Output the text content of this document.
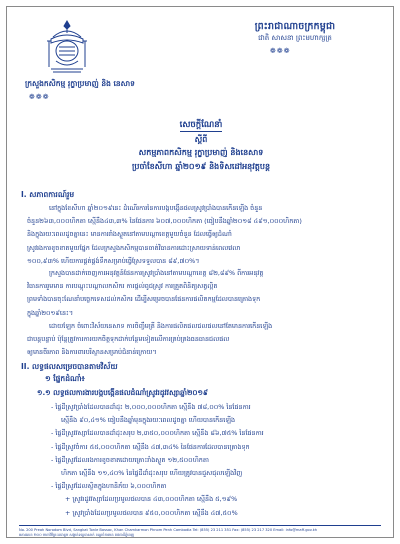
ព្រះរាជាណាចក្រកម្ពុជា
ជាតិ សាសនា ព្រះមហាក្សត្រ
❁❁❁
ក្រសួងកសិកម្ម រុក្ខាប្រមាញ់ និង នេសាទ
❁❁❁
សេចក្តីណែនាំ
ស្តីពី
សកម្មភាពកសិកម្ម រុក្ខាប្រមាញ់ និងនេសាទ
ប្រចាំខែសីហា ឆ្នាំ២០១៩ និងទិសដៅអនុវត្តបន្ត
I. សភាពការណ៍រួម

នៅក្នុងខែសីហា ឆ្នាំ២០១៩នេះ ដំណើរការនៃការបង្កបង្កើនផលស្រូវប្រាំងបានកើនឡើង ចំនួន

ចំនួន២៦៣,០០០ហិកតា ស្មើនឹង៤៣,៣% នៃផែនការ ៦០៧,០០០ហិកតា (ធៀបនឹងឆ្នាំ២០១៨ ៤៩១,០០០ហិកតា)

និងក្នុងរយៈពេលដូចគ្នានេះ មានការរាំងស្ងួតនៅតាមបណ្តាខេត្តមួយចំនួន ដែលធ្វើឲ្យដំណាំ

ស្រូវរងការខូចខាតមួយផ្នែក ដែលក្រសួងកសិកម្មបានចាត់វិធានការដោះស្រាយទាន់ពេលវេលា

១០០,៩៣% ហើយការផ្គត់ផ្គង់ទឹកសម្រាប់ធ្វើស្រែទទួលបាន ៨៩,៧០%។

ក្រសួងបានដាក់ចេញការអនុវត្តន៍ផែនការស្រូវប្រាំងនៅតាមបណ្តាខេត្ត ៨២,៨៩% ពីការអនុវត្ត

វិធានការរួមមាន ការបណ្តុះបណ្តាលកសិករ ការផ្តល់ពូជស្រូវ ការត្រួតពិនិត្យសត្វល្អិត

ព្រមទាំងបានចុះណែនាំបច្ចេកទេសដល់កសិករ ដើម្បីសម្រេចបានផែនការផលិតកម្មដែលបានគ្រោងទុក

ក្នុងឆ្នាំ២០១៩នេះ។

ដោយឡែក ចំពោះវិស័យនេសាទ ការចិញ្ចឹមត្រី និងការផលិតផលជលផលនៅតែមានការកើនឡើង

ជាបន្តបន្ទាប់ ប៉ុន្តែត្រូវការការយកចិត្តទុកដាក់បន្ថែមទៀតលើការគ្រប់គ្រងធនធានជលផល

ឲ្យមានចីរភាព និងការពារបរិស្ថានសម្រាប់ជំនាន់ក្រោយ។

II. លទ្ធផលសម្រេចបានតាមវិស័យ
១ ផ្នែកដំណាំ៖
១.១ លទ្ធផលការងារបង្កបង្កើនផលដំណាំស្រូវរដូវវស្សាឆ្នាំ២០១៩
- ផ្ទៃដីស្រូវប្រាំងដែលបានដាំដុះ ២,០០០,០០០ហិកតា ស្មើនឹង ៧៨,០០% នៃផែនការ
ស្មើនឹង ៩០,៤១% ធៀបនឹងឆ្នាំមុនក្នុងរយៈពេលដូចគ្នា ហើយបានកើនឡើង
- ផ្ទៃដីស្រូវវស្សាដែលបានដាំដុះសរុប ២,៣៥០,០០០ហិកតា ស្មើនឹង ៨៦,៧៥% នៃផែនការ
- ផ្ទៃដីស្រូវចំការ ៥៥,០០០ហិកតា ស្មើនឹង ៤៧,៣៤% នៃផែនការដែលបានគ្រោងទុក
- ផ្ទៃដីស្រូវដែលរងការខូចខាតដោយគ្រោះរាំងស្ងួត ១២,៥០០ហិកតា
ហិកតា ស្មើនឹង ១១,៤០% នៃផ្ទៃដីដាំដុះសរុប ហើយត្រូវបានជួសជុលឡើងវិញ
- ផ្ទៃដីស្រូវដែលស្ថិតក្នុងហានិភ័យ ៦,០០០ហិកតា
+ ស្រូវរដូវវស្សាដែលប្រមូលផលបាន ៤៣,០០០ហិកតា ស្មើនឹង ៥,១៩%
+ ស្រូវប្រាំងដែលប្រមូលផលបាន ៩៥០,០០០ហិកតា ស្មើនឹង ៤៧,៥០%
No. 200 Preah Norodom Blvd, Sangkat Tonle Bassac, Khan Chamkarmon Phnom Penh Cambodia Tel: (855) 23 211 351 Fax: (855) 23 217 320 Email: info@maff.gov.kh
អគារលេខ ២០០ មហាវិថីព្រះនរោត្តម សង្កាត់ទន្លេបាសាក់ ខណ្ឌចំការមន រាជធានីភ្នំពេញ
